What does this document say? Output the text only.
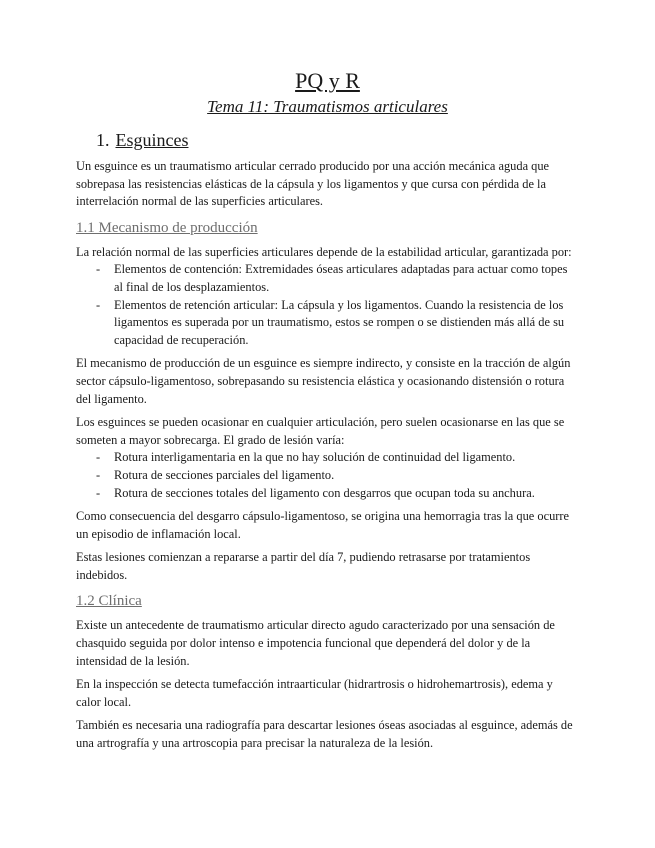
PQ y R
Tema 11: Traumatismos articulares
1. Esguinces

Un esguince es un traumatismo articular cerrado producido por una acción mecánica aguda que sobrepasa las resistencias elásticas de la cápsula y los ligamentos y que cursa con pérdida de la interrelación normal de las superficies articulares.

1.1 Mecanismo de producción

La relación normal de las superficies articulares depende de la estabilidad articular, garantizada por:

- Elementos de contención: Extremidades óseas articulares adaptadas para actuar como topes al final de los desplazamientos.
- Elementos de retención articular: La cápsula y los ligamentos. Cuando la resistencia de los ligamentos es superada por un traumatismo, estos se rompen o se distienden más allá de su capacidad de recuperación.

El mecanismo de producción de un esguince es siempre indirecto, y consiste en la tracción de algún sector cápsulo-ligamentoso, sobrepasando su resistencia elástica y ocasionando distensión o rotura del ligamento.

Los esguinces se pueden ocasionar en cualquier articulación, pero suelen ocasionarse en las que se someten a mayor sobrecarga. El grado de lesión varía:

- Rotura interligamentaria en la que no hay solución de continuidad del ligamento.
- Rotura de secciones parciales del ligamento.
- Rotura de secciones totales del ligamento con desgarros que ocupan toda su anchura.

Como consecuencia del desgarro cápsulo-ligamentoso, se origina una hemorragia tras la que ocurre un episodio de inflamación local.

Estas lesiones comienzan a repararse a partir del día 7, pudiendo retrasarse por tratamientos indebidos.

1.2 Clínica

Existe un antecedente de traumatismo articular directo agudo caracterizado por una sensación de chasquido seguida por dolor intenso e impotencia funcional que dependerá del dolor y de la intensidad de la lesión.

En la inspección se detecta tumefacción intraarticular (hidrartrosis o hidrohemartrosis), edema y calor local.

También es necesaria una radiografía para descartar lesiones óseas asociadas al esguince, además de una artrografía y una artroscopia para precisar la naturaleza de la lesión.
